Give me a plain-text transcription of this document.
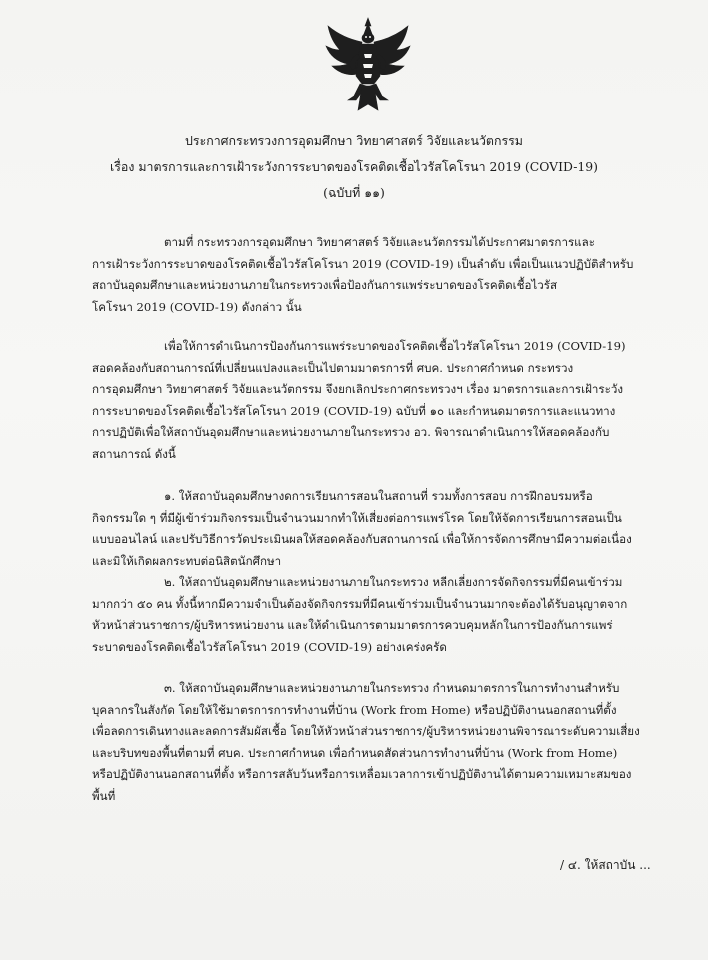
ประกาศกระทรวงการอุดมศึกษา วิทยาศาสตร์ วิจัยและนวัตกรรม
เรื่อง มาตรการและการเฝ้าระวังการระบาดของโรคติดเชื้อไวรัสโคโรนา 2019 (COVID-19)
(ฉบับที่ ๑๑)
ตามที่ กระทรวงการอุดมศึกษา วิทยาศาสตร์ วิจัยและนวัตกรรมได้ประกาศมาตรการและ
การเฝ้าระวังการระบาดของโรคติดเชื้อไวรัสโคโรนา 2019 (COVID-19) เป็นลำดับ เพื่อเป็นแนวปฏิบัติสำหรับ
สถาบันอุดมศึกษาและหน่วยงานภายในกระทรวงเพื่อป้องกันการแพร่ระบาดของโรคติดเชื้อไวรัส
โคโรนา 2019 (COVID-19) ดังกล่าว นั้น
เพื่อให้การดำเนินการป้องกันการแพร่ระบาดของโรคติดเชื้อไวรัสโคโรนา 2019 (COVID-19)
สอดคล้องกับสถานการณ์ที่เปลี่ยนแปลงและเป็นไปตามมาตรการที่ ศบค. ประกาศกำหนด กระทรวง
การอุดมศึกษา วิทยาศาสตร์ วิจัยและนวัตกรรม จึงยกเลิกประกาศกระทรวงฯ เรื่อง มาตรการและการเฝ้าระวัง
การระบาดของโรคติดเชื้อไวรัสโคโรนา 2019 (COVID-19) ฉบับที่ ๑๐ และกำหนดมาตรการและแนวทาง
การปฏิบัติเพื่อให้สถาบันอุดมศึกษาและหน่วยงานภายในกระทรวง อว. พิจารณาดำเนินการให้สอดคล้องกับ
สถานการณ์ ดังนี้
๑. ให้สถาบันอุดมศึกษางดการเรียนการสอนในสถานที่ รวมทั้งการสอบ การฝึกอบรมหรือ
กิจกรรมใด ๆ ที่มีผู้เข้าร่วมกิจกรรมเป็นจำนวนมากทำให้เสี่ยงต่อการแพร่โรค โดยให้จัดการเรียนการสอนเป็น
แบบออนไลน์ และปรับวิธีการวัดประเมินผลให้สอดคล้องกับสถานการณ์ เพื่อให้การจัดการศึกษามีความต่อเนื่อง
และมิให้เกิดผลกระทบต่อนิสิตนักศึกษา
๒. ให้สถาบันอุดมศึกษาและหน่วยงานภายในกระทรวง หลีกเลี่ยงการจัดกิจกรรมที่มีคนเข้าร่วม
มากกว่า ๕๐ คน ทั้งนี้หากมีความจำเป็นต้องจัดกิจกรรมที่มีคนเข้าร่วมเป็นจำนวนมากจะต้องได้รับอนุญาตจาก
หัวหน้าส่วนราชการ/ผู้บริหารหน่วยงาน และให้ดำเนินการตามมาตรการควบคุมหลักในการป้องกันการแพร่
ระบาดของโรคติดเชื้อไวรัสโคโรนา 2019 (COVID-19) อย่างเคร่งครัด
๓. ให้สถาบันอุดมศึกษาและหน่วยงานภายในกระทรวง กำหนดมาตรการในการทำงานสำหรับ
บุคลากรในสังกัด โดยให้ใช้มาตรการการทำงานที่บ้าน (Work from Home) หรือปฏิบัติงานนอกสถานที่ตั้ง
เพื่อลดการเดินทางและลดการสัมผัสเชื้อ โดยให้หัวหน้าส่วนราชการ/ผู้บริหารหน่วยงานพิจารณาระดับความเสี่ยง
และบริบทของพื้นที่ตามที่ ศบค. ประกาศกำหนด เพื่อกำหนดสัดส่วนการทำงานที่บ้าน (Work from Home)
หรือปฏิบัติงานนอกสถานที่ตั้ง หรือการสลับวันหรือการเหลื่อมเวลาการเข้าปฏิบัติงานได้ตามความเหมาะสมของ
พื้นที่
/ ๔. ให้สถาบัน ...
